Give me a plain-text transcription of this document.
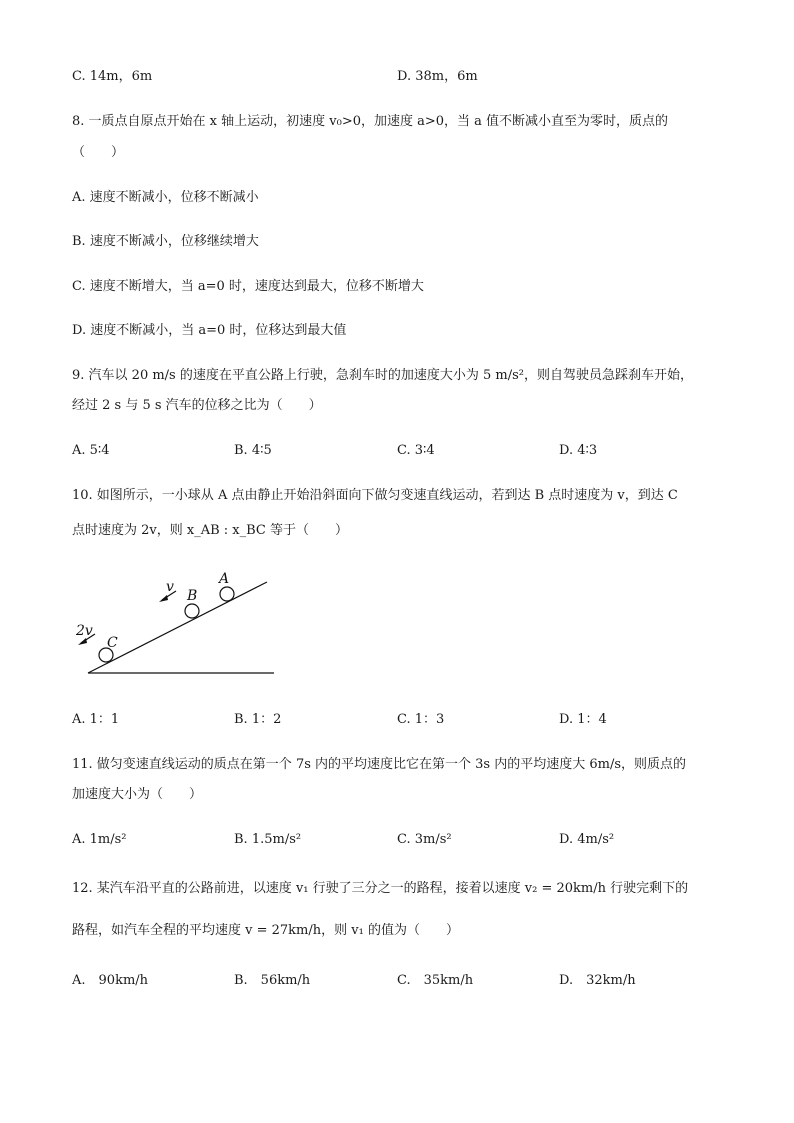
C. 14m，6m	D. 38m，6m
8. 一质点自原点开始在 x 轴上运动，初速度 v₀>0，加速度 a>0，当 a 值不断减小直至为零时，质点的
（　　）
A. 速度不断减小，位移不断减小
B. 速度不断减小，位移继续增大
C. 速度不断增大，当 a=0 时，速度达到最大，位移不断增大
D. 速度不断减小，当 a=0 时，位移达到最大值
9. 汽车以 20 m/s 的速度在平直公路上行驶，急刹车时的加速度大小为 5 m/s²，则自驾驶员急踩刹车开始，
经过 2 s 与 5 s 汽车的位移之比为（　　）
A. 5∶4	B. 4∶5	C. 3∶4	D. 4∶3
10. 如图所示，一小球从 A 点由静止开始沿斜面向下做匀变速直线运动，若到达 B 点时速度为 v，到达 C
点时速度为 2v，则 x_AB : x_BC 等于（　　）
A
B
C
v
2v
A. 1：1	B. 1：2	C. 1：3	D. 1：4
11. 做匀变速直线运动的质点在第一个 7s 内的平均速度比它在第一个 3s 内的平均速度大 6m/s，则质点的
加速度大小为（　　）
A. 1m/s²	B. 1.5m/s²	C. 3m/s²	D. 4m/s²
12. 某汽车沿平直的公路前进，以速度 v₁ 行驶了三分之一的路程，接着以速度 v₂ = 20km/h 行驶完剩下的
路程，如汽车全程的平均速度 v = 27km/h，则 v₁ 的值为（　　）
A.　90km/h	B.　56km/h	C.　35km/h	D.　32km/h
